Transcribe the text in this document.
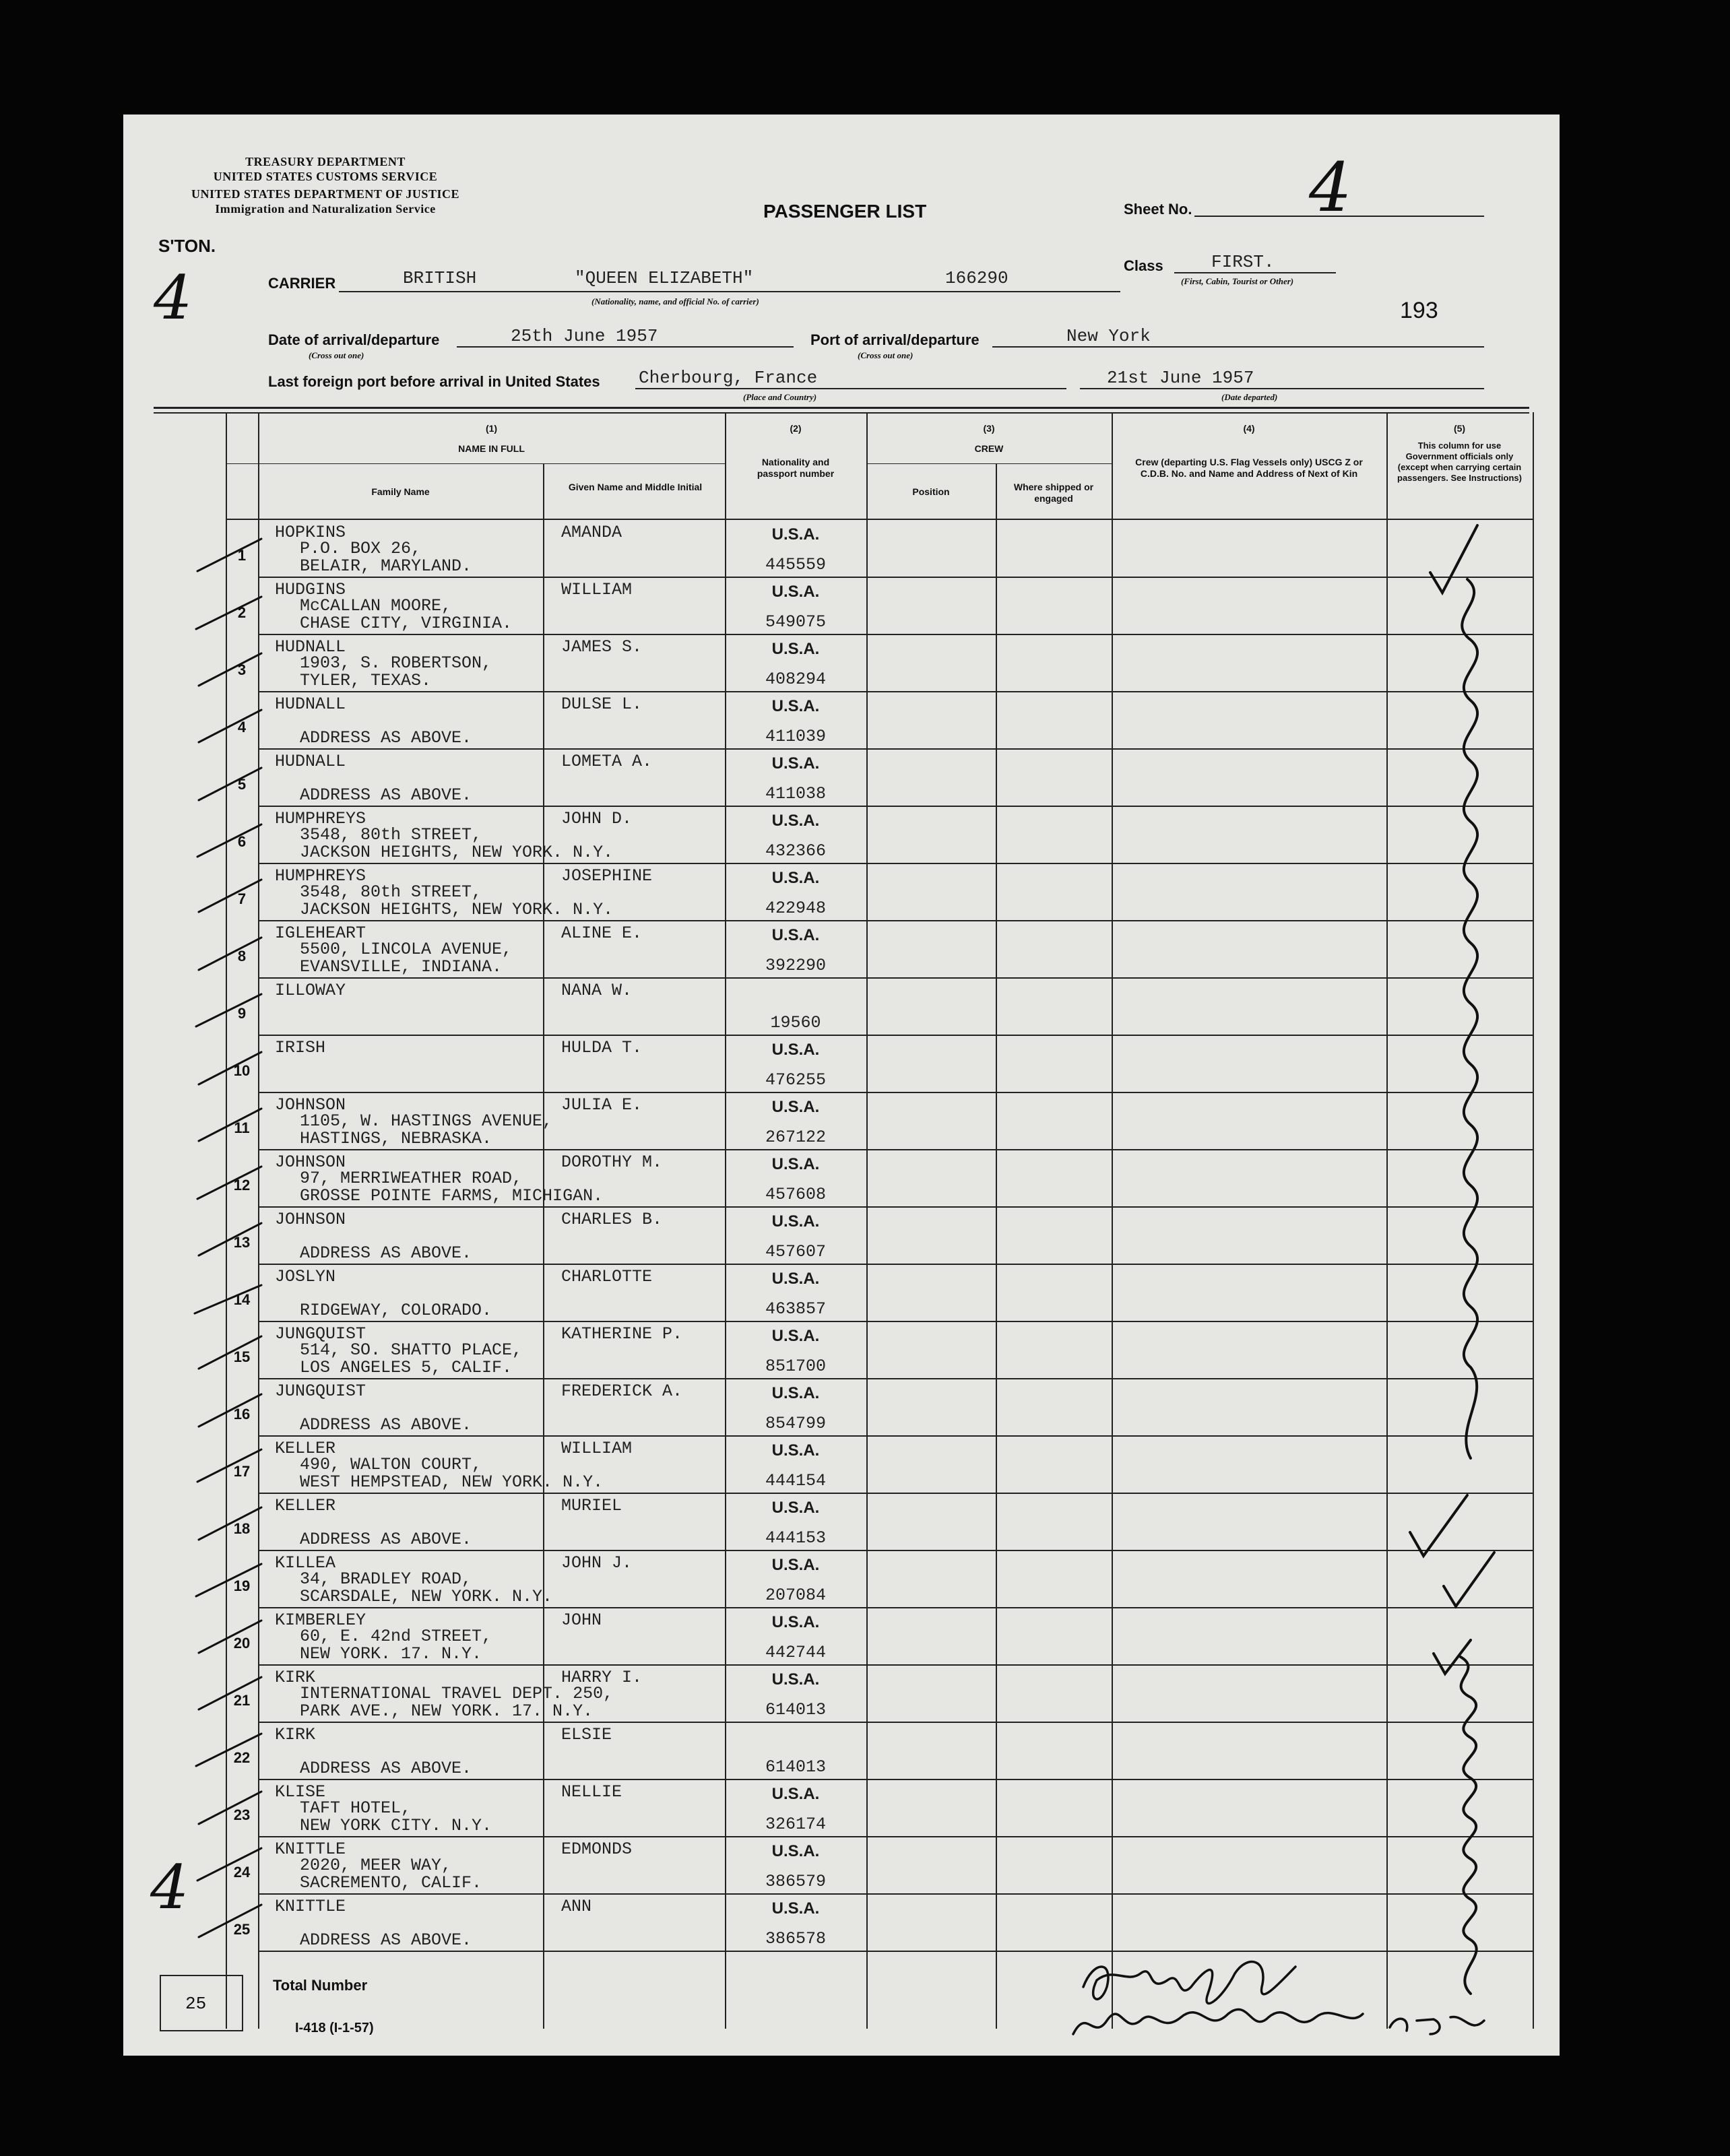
TREASURY DEPARTMENT
UNITED STATES CUSTOMS SERVICE
UNITED STATES DEPARTMENT OF JUSTICE
Immigration and Naturalization Service	PASSENGER LIST	Sheet No. 4
Class	FIRST.
(First, Cabin, Tourist or Other)
193
S'TON.
4	CARRIER	BRITISH	"QUEEN ELIZABETH"	166290
(Nationality, name, and official No. of carrier)
Date of arrival/departure
(Cross out one)
25th June 1957	Port of arrival/departure
(Cross out one)
New York
Last foreign port before arrival in United States Cherbourg, France
(Place and Country)
21st June 1957
(Date departed)
(1)
NAME IN FULL
Family Name	Given Name and Middle Initial
(2)
Nationality and passport number
(3)
CREW
Position	Where shipped or engaged
(4)
Crew (departing U.S. Flag Vessels only) USCG Z or C.D.B. No. and Name and Address of Next of Kin
(5)
This column for use Government officials only (except when carrying certain passengers. See Instructions)
1
HOPKINS	AMANDA
P.O. BOX 26,
BELAIR, MARYLAND.
U.S.A.
445559
2
HUDGINS	WILLIAM
McCALLAN MOORE,
CHASE CITY, VIRGINIA.
U.S.A.
549075
3
HUDNALL	JAMES S.
1903, S. ROBERTSON,
TYLER, TEXAS.
U.S.A.
408294
4
HUDNALL	DULSE L.
ADDRESS AS ABOVE.
U.S.A.
411039
5
HUDNALL	LOMETA A.
ADDRESS AS ABOVE.
U.S.A.
411038
6
HUMPHREYS	JOHN D.
3548, 80th STREET,
JACKSON HEIGHTS, NEW YORK. N.Y.
U.S.A.
432366
7
HUMPHREYS	JOSEPHINE
3548, 80th STREET,
JACKSON HEIGHTS, NEW YORK. N.Y.
U.S.A.
422948
8
IGLEHEART	ALINE E.
5500, LINCOLA AVENUE,
EVANSVILLE, INDIANA.
U.S.A.
392290
9
ILLOWAY	NANA W.
19560
10
IRISH	HULDA T.	U.S.A.
476255
11
JOHNSON	JULIA E.
1105, W. HASTINGS AVENUE,
HASTINGS, NEBRASKA.
U.S.A.
267122
12
JOHNSON	DOROTHY M.
97, MERRIWEATHER ROAD,
GROSSE POINTE FARMS, MICHIGAN.
U.S.A.
457608
13
JOHNSON	CHARLES B.
ADDRESS AS ABOVE.
U.S.A.
457607
14
JOSLYN	CHARLOTTE
RIDGEWAY, COLORADO.
U.S.A.
463857
15
JUNGQUIST	KATHERINE P.
514, SO. SHATTO PLACE,
LOS ANGELES 5, CALIF.
U.S.A.
851700
16
JUNGQUIST	FREDERICK A.
ADDRESS AS ABOVE.
U.S.A.
854799
17
KELLER	WILLIAM
490, WALTON COURT,
WEST HEMPSTEAD, NEW YORK. N.Y.
U.S.A.
444154
18
KELLER	MURIEL
ADDRESS AS ABOVE.
U.S.A.
444153
19
KILLEA	JOHN J.
34, BRADLEY ROAD,
SCARSDALE, NEW YORK. N.Y.
U.S.A.
207084
20
KIMBERLEY	JOHN
60, E. 42nd STREET,
NEW YORK. 17. N.Y.
U.S.A.
442744
21
KIRK	HARRY I.
INTERNATIONAL TRAVEL DEPT. 250,
PARK AVE., NEW YORK. 17. N.Y.
U.S.A.
614013
22
KIRK	ELSIE
ADDRESS AS ABOVE.	614013
23
KLISE	NELLIE
TAFT HOTEL,
NEW YORK CITY. N.Y.
U.S.A.
326174
24
KNITTLE	EDMONDS
2020, MEER WAY,
SACREMENTO, CALIF.
U.S.A.
386579
25
KNITTLE	ANN
ADDRESS AS ABOVE.
U.S.A.
386578
25
Total Number
I-418 (I-1-57)
4
